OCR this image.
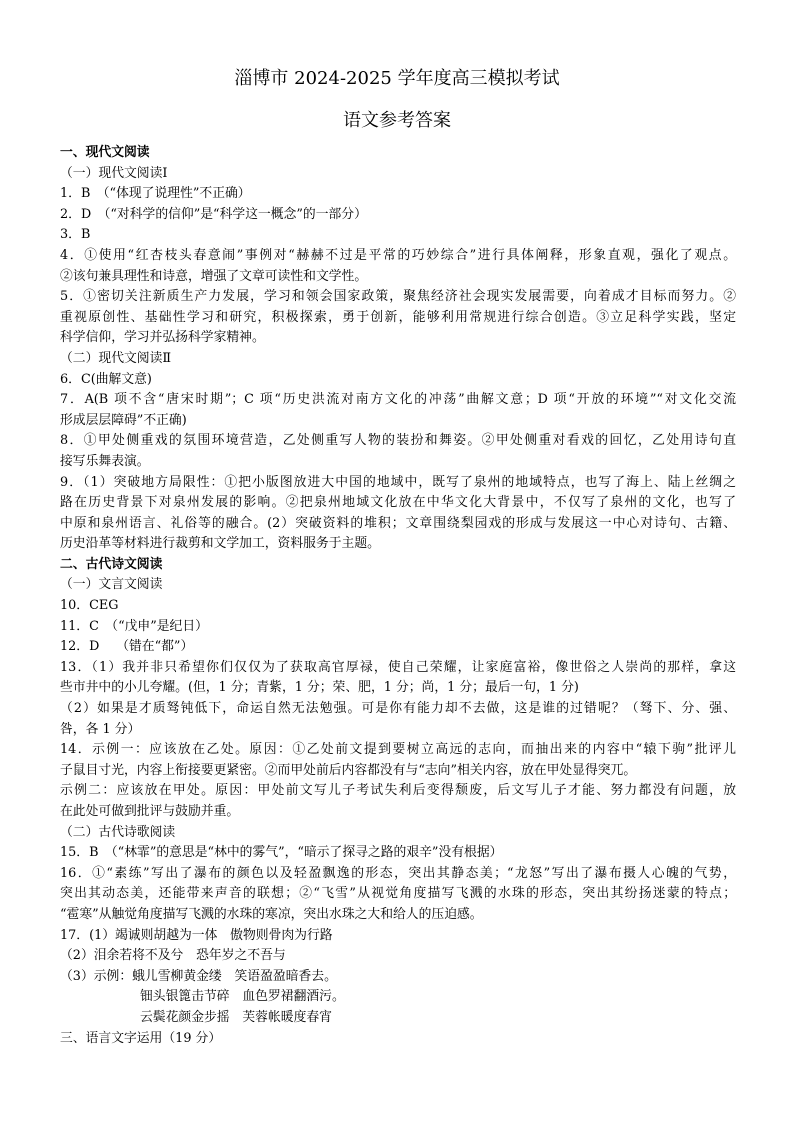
淄博市 2024-2025 学年度高三模拟考试
语文参考答案
一、现代文阅读
（一）现代文阅读Ⅰ
1．B　（“体现了说理性”不正确）
2．D　（“对科学的信仰”是“科学这一概念”的一部分）
3．B
4．①使用“红杏枝头春意闹”事例对“赫赫不过是平常的巧妙综合”进行具体阐释，形象直观，强化了观点。
②该句兼具理性和诗意，增强了文章可读性和文学性。
5．①密切关注新质生产力发展，学习和领会国家政策，聚焦经济社会现实发展需要，向着成才目标而努力。②
重视原创性、基础性学习和研究，积极探索，勇于创新，能够利用常规进行综合创造。③立足科学实践，坚定
科学信仰，学习并弘扬科学家精神。
（二）现代文阅读Ⅱ
6．C(曲解文意)
7．A(B 项不含“唐宋时期”；C 项“历史洪流对南方文化的冲荡”曲解文意；D 项“开放的环境”“对文化交流
形成层层障碍”不正确)
8．①甲处侧重戏的氛围环境营造，乙处侧重写人物的装扮和舞姿。②甲处侧重对看戏的回忆，乙处用诗句直
接写乐舞表演。
9．（1）突破地方局限性：①把小版图放进大中国的地域中，既写了泉州的地域特点，也写了海上、陆上丝绸之
路在历史背景下对泉州发展的影响。②把泉州地域文化放在中华文化大背景中，不仅写了泉州的文化，也写了
中原和泉州语言、礼俗等的融合。(2）突破资料的堆积；文章围绕梨园戏的形成与发展这一中心对诗句、古籍、
历史沿革等材料进行裁剪和文学加工，资料服务于主题。
二、古代诗文阅读
（一）文言文阅读
10．CEG
11．C　（“戊申”是纪日）
12．D　 （错在“都”）
13．（1）我并非只希望你们仅仅为了获取高官厚禄，使自己荣耀，让家庭富裕，像世俗之人崇尚的那样，拿这
些市井中的小儿夸耀。(但，1 分；青紫，1 分；荣、肥，1 分；尚，1 分；最后一句，1 分)
（2）如果是才质驽钝低下，命运自然无法勉强。可是你有能力却不去做，这是谁的过错呢？（驽下、分、强、
咎，各 1 分）
14．示例一：应该放在乙处。原因：①乙处前文提到要树立高远的志向，而抽出来的内容中“辕下驹”批评儿
子鼠目寸光，内容上衔接要更紧密。②而甲处前后内容都没有与“志向”相关内容，放在甲处显得突兀。
示例二：应该放在甲处。原因：甲处前文写儿子考试失利后变得颓废，后文写儿子才能、努力都没有问题，放
在此处可做到批评与鼓励并重。
（二）古代诗歌阅读
15．B　（“林霏”的意思是“林中的雾气”，“暗示了探寻之路的艰辛”没有根据）
16．①“素练”写出了瀑布的颜色以及轻盈飘逸的形态，突出其静态美；“龙怒”写出了瀑布摄人心魄的气势，
突出其动态美，还能带来声音的联想；②“飞雪”从视觉角度描写飞溅的水珠的形态，突出其纷扬迷蒙的特点；
“雹寒”从触觉角度描写飞溅的水珠的寒凉，突出水珠之大和给人的压迫感。
17．(1）竭诚则胡越为一体　傲物则骨肉为行路
（2）泪余若将不及兮　恐年岁之不吾与
（3）示例：蛾儿雪柳黄金缕　笑语盈盈暗香去。
钿头银篦击节碎　血色罗裙翻酒污。
云鬓花颜金步摇　芙蓉帐暖度春宵
三、语言文字运用（19 分）
